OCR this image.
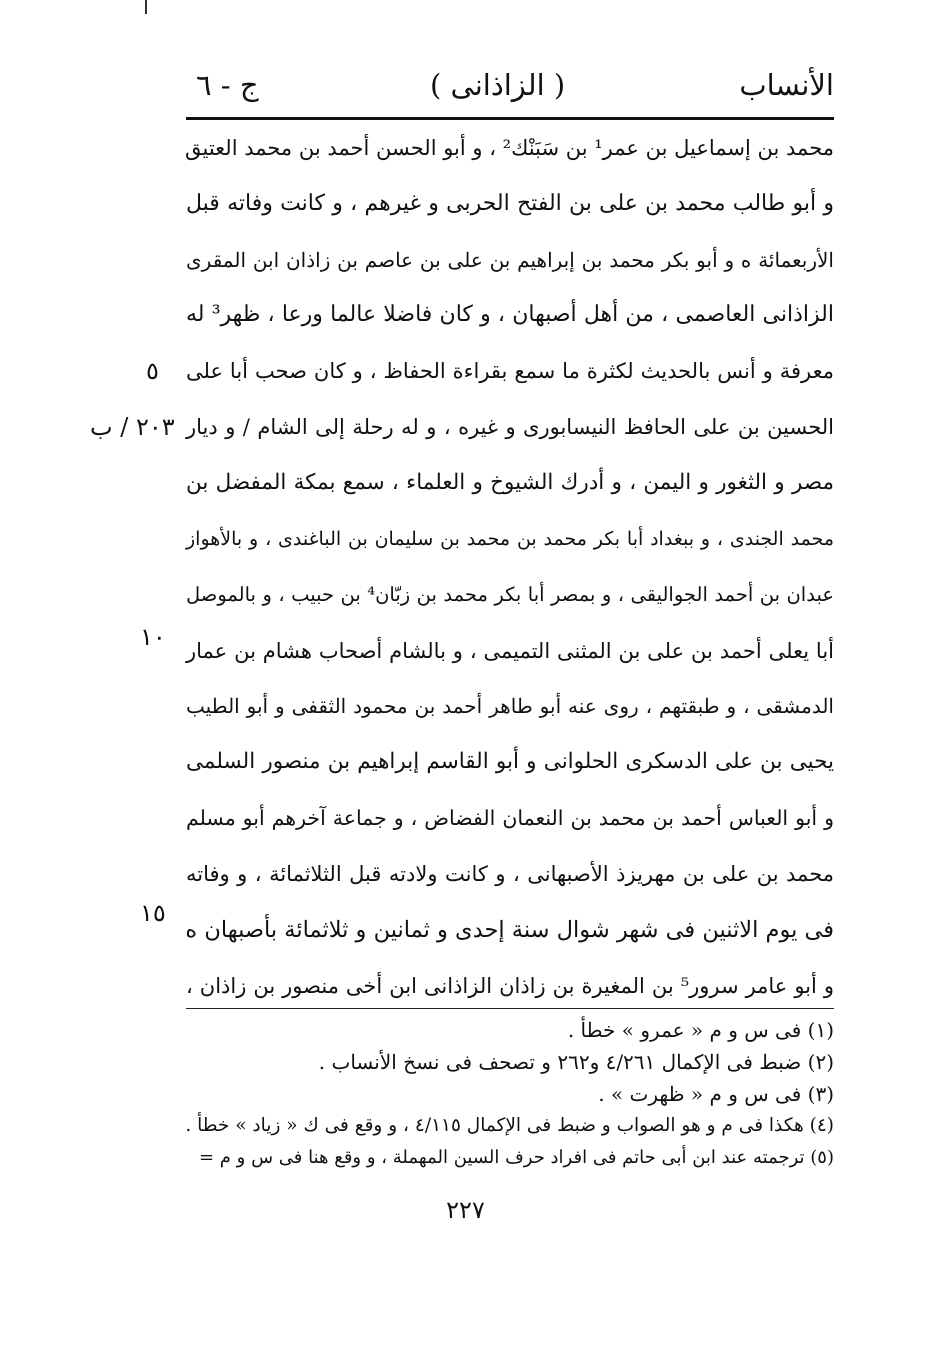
الأنساب
( الزاذانى )
ج - ٦
محمد بن إسماعيل بن عمر¹ بن سَبَنْك² ، و أبو الحسن أحمد بن محمد العتيق
و أبو طالب محمد بن على بن الفتح الحربى و غيرهم ، و كانت وفاته قبل
الأربعمائة ه و أبو بكر محمد بن إبراهيم بن على بن عاصم بن زاذان ابن المقرى
الزاذانى العاصمى ، من أهل أصبهان ، و كان فاضلا عالما ورعا ، ظهر³ له
معرفة و أنس بالحديث لكثرة ما سمع بقراءة الحفاظ ، و كان صحب أبا على
الحسين بن على الحافظ النيسابورى و غيره ، و له رحلة إلى الشام / و ديار
مصر و الثغور و اليمن ، و أدرك الشيوخ و العلماء ، سمع بمكة المفضل بن
محمد الجندى ، و ببغداد أبا بكر محمد بن محمد بن سليمان بن الباغندى ، و بالأهواز
عبدان بن أحمد الجواليقى ، و بمصر أبا بكر محمد بن زبّان⁴ بن حبيب ، و بالموصل
أبا يعلى أحمد بن على بن المثنى التميمى ، و بالشام أصحاب هشام بن عمار
الدمشقى ، و طبقتهم ، روى عنه أبو طاهر أحمد بن محمود الثقفى و أبو الطيب
يحيى بن على الدسكرى الحلوانى و أبو القاسم إبراهيم بن منصور السلمى
و أبو العباس أحمد بن محمد بن النعمان الفضاض ، و جماعة آخرهم أبو مسلم
محمد بن على بن مهريزذ الأصبهانى ، و كانت ولادته قبل الثلاثمائة ، و وفاته
فى يوم الاثنين فى شهر شوال سنة إحدى و ثمانين و ثلاثمائة بأصبهان ه
و أبو عامر سرور⁵ بن المغيرة بن زاذان الزاذانى ابن أخى منصور بن زاذان ،
٥
٢٠٣ / ب
١٠
١٥
(١) فى س و م « عمرو » خطأ .
(٢) ضبط فى الإكمال ٤/٢٦١ و٢٦٢ و تصحف فى نسخ الأنساب .
(٣) فى س و م « ظهرت » .
(٤) هكذا فى م و هو الصواب و ضبط فى الإكمال ٤/١١٥ ، و وقع فى ك « زياد » خطأ .
(٥) ترجمته عند ابن أبى حاتم فى افراد حرف السين المهملة ، و وقع هنا فى س و م =
٢٢٧
